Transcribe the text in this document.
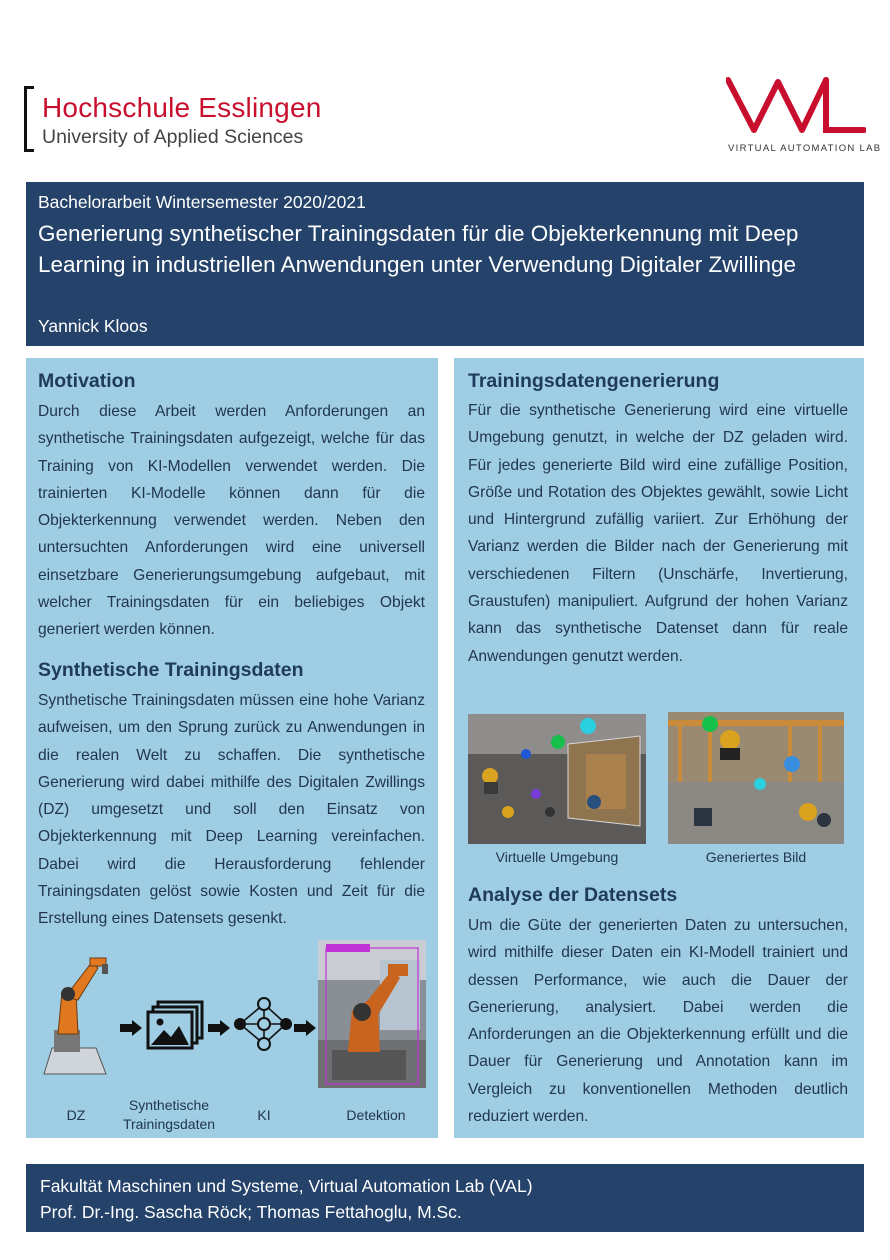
Hochschule Esslingen
University of Applied Sciences
VIRTUAL AUTOMATION LAB
Bachelorarbeit Wintersemester 2020/2021
Generierung synthetischer Trainingsdaten für die Objekterkennung mit Deep Learning in industriellen Anwendungen unter Verwendung Digitaler Zwillinge
Yannick Kloos
Motivation
Durch diese Arbeit werden Anforderungen an synthetische Trainingsdaten aufgezeigt, welche für das Training von KI-Modellen verwendet werden. Die trainierten KI-Modelle können dann für die Objekterkennung verwendet werden. Neben den untersuchten Anforderungen wird eine universell einsetzbare Generierungsumgebung aufgebaut, mit welcher Trainingsdaten für ein beliebiges Objekt generiert werden können.
Synthetische Trainingsdaten
Synthetische Trainingsdaten müssen eine hohe Varianz aufweisen, um den Sprung zurück zu Anwendungen in die realen Welt zu schaffen. Die synthetische Generierung wird dabei mithilfe des Digitalen Zwillings (DZ) umgesetzt und soll den Einsatz von Objekterkennung mit Deep Learning vereinfachen. Dabei wird die Herausforderung fehlender Trainingsdaten gelöst sowie Kosten und Zeit für die Erstellung eines Datensets gesenkt.
DZ
Synthetische Trainingsdaten
KI	Detektion
Trainingsdatengenerierung
Für die synthetische Generierung wird eine virtuelle Umgebung genutzt, in welche der DZ geladen wird. Für jedes generierte Bild wird eine zufällige Position, Größe und Rotation des Objektes gewählt, sowie Licht und Hintergrund zufällig variiert. Zur Erhöhung der Varianz werden die Bilder nach der Generierung mit verschiedenen Filtern (Unschärfe, Invertierung, Graustufen) manipuliert. Aufgrund der hohen Varianz kann das synthetische Datenset dann für reale Anwendungen genutzt werden.
Virtuelle Umgebung	Generiertes Bild
Analyse der Datensets
Um die Güte der generierten Daten zu untersuchen, wird mithilfe dieser Daten ein KI-Modell trainiert und dessen Performance, wie auch die Dauer der Generierung, analysiert. Dabei werden die Anforderungen an die Objekterkennung erfüllt und die Dauer für Generierung und Annotation kann im Vergleich zu konventionellen Methoden deutlich reduziert werden.
Fakultät Maschinen und Systeme, Virtual Automation Lab (VAL)
Prof. Dr.-Ing. Sascha Röck; Thomas Fettahoglu, M.Sc.
